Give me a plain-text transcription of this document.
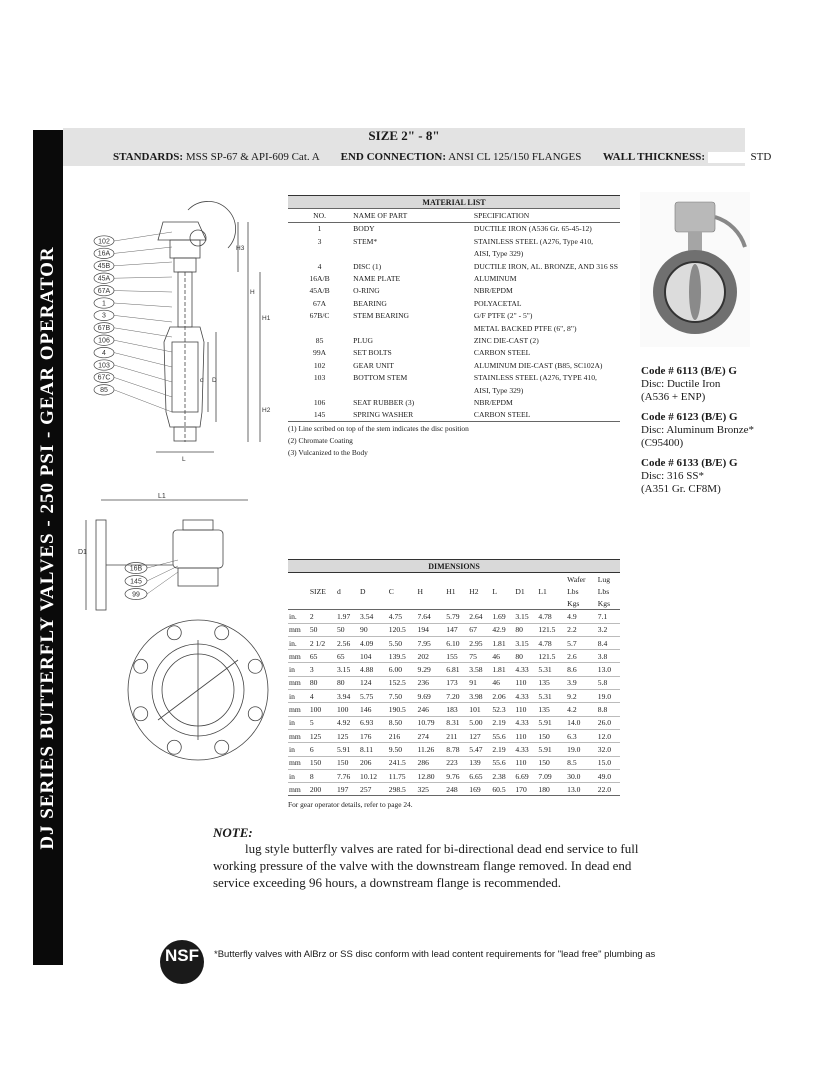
DJ SERIES BUTTERFLY VALVES - 250 PSI - GEAR OPERATOR
SIZE 2" - 8"
STANDARDS: MSS SP-67 & API-609 Cat. A END CONNECTION: ANSI CL 125/150 FLANGES WALL THICKNESS:	STD
H3
H
H1
H2
L
d D
102
16A
45B
45A
67A
1
3
67B
106
4
103
67C
85
L1
D1
16B
145
99
MATERIAL LIST		
NO.	NAME OF PART	SPECIFICATION
1	BODY	DUCTILE IRON (A536 Gr. 65-45-12)
3	STEM*	STAINLESS STEEL (A276, Type 410,
		AISI, Type 329)
4	DISC (1)	DUCTILE IRON, AL. BRONZE, AND 316 SS
16A/B	NAME PLATE	ALUMINUM
45A/B	O-RING	NBR/EPDM
67A	BEARING	POLYACETAL
67B/C	STEM BEARING	G/F PTFE (2" - 5")
		METAL BACKED PTFE (6", 8")
85	PLUG	ZINC DIE-CAST (2)
99A	SET BOLTS	CARBON STEEL
102	GEAR UNIT	ALUMINUM DIE-CAST (B85, SC102A)
103	BOTTOM STEM	STAINLESS STEEL (A276, TYPE 410,
		AISI, Type 329)
106	SEAT RUBBER (3)	NBR/EPDM
145	SPRING WASHER	CARBON STEEL
(1) Line scribed on top of the stem indicates the disc position
(2) Chromate Coating
(3) Vulcanized to the Body
Code # 6113 (B/E) G
Disc: Ductile Iron
(A536 + ENP)
Code # 6123 (B/E) G
Disc: Aluminum Bronze*
(C95400)
Code # 6133 (B/E) G
Disc: 316 SS*
(A351 Gr. CF8M)
DIMENSIONS												
											Wafer	Lug
	SIZE	d	D	C	H	H1	H2	L	D1	L1	Lbs	Lbs
											Kgs	Kgs
in.	2	1.97	3.54	4.75	7.64	5.79	2.64	1.69	3.15	4.78	4.9	7.1
mm	50	50	90	120.5	194	147	67	42.9	80	121.5	2.2	3.2
in.	2 1/2	2.56	4.09	5.50	7.95	6.10	2.95	1.81	3.15	4.78	5.7	8.4
mm	65	65	104	139.5	202	155	75	46	80	121.5	2.6	3.8
in	3	3.15	4.88	6.00	9.29	6.81	3.58	1.81	4.33	5.31	8.6	13.0
mm	80	80	124	152.5	236	173	91	46	110	135	3.9	5.8
in	4	3.94	5.75	7.50	9.69	7.20	3.98	2.06	4.33	5.31	9.2	19.0
mm	100	100	146	190.5	246	183	101	52.3	110	135	4.2	8.8
in	5	4.92	6.93	8.50	10.79	8.31	5.00	2.19	4.33	5.91	14.0	26.0
mm	125	125	176	216	274	211	127	55.6	110	150	6.3	12.0
in	6	5.91	8.11	9.50	11.26	8.78	5.47	2.19	4.33	5.91	19.0	32.0
mm	150	150	206	241.5	286	223	139	55.6	110	150	8.5	15.0
in	8	7.76	10.12	11.75	12.80	9.76	6.65	2.38	6.69	7.09	30.0	49.0
mm	200	197	257	298.5	325	248	169	60.5	170	180	13.0	22.0
For gear operator details, refer to page 24.
NOTE:
lug style butterfly valves are rated for bi-directional dead end service to full working pressure of the valve with the downstream flange removed. In dead end service exceeding 96 hours, a downstream flange is recommended.
NSF	*Butterfly valves with AlBrz or SS disc conform with lead content requirements for "lead free" plumbing as
